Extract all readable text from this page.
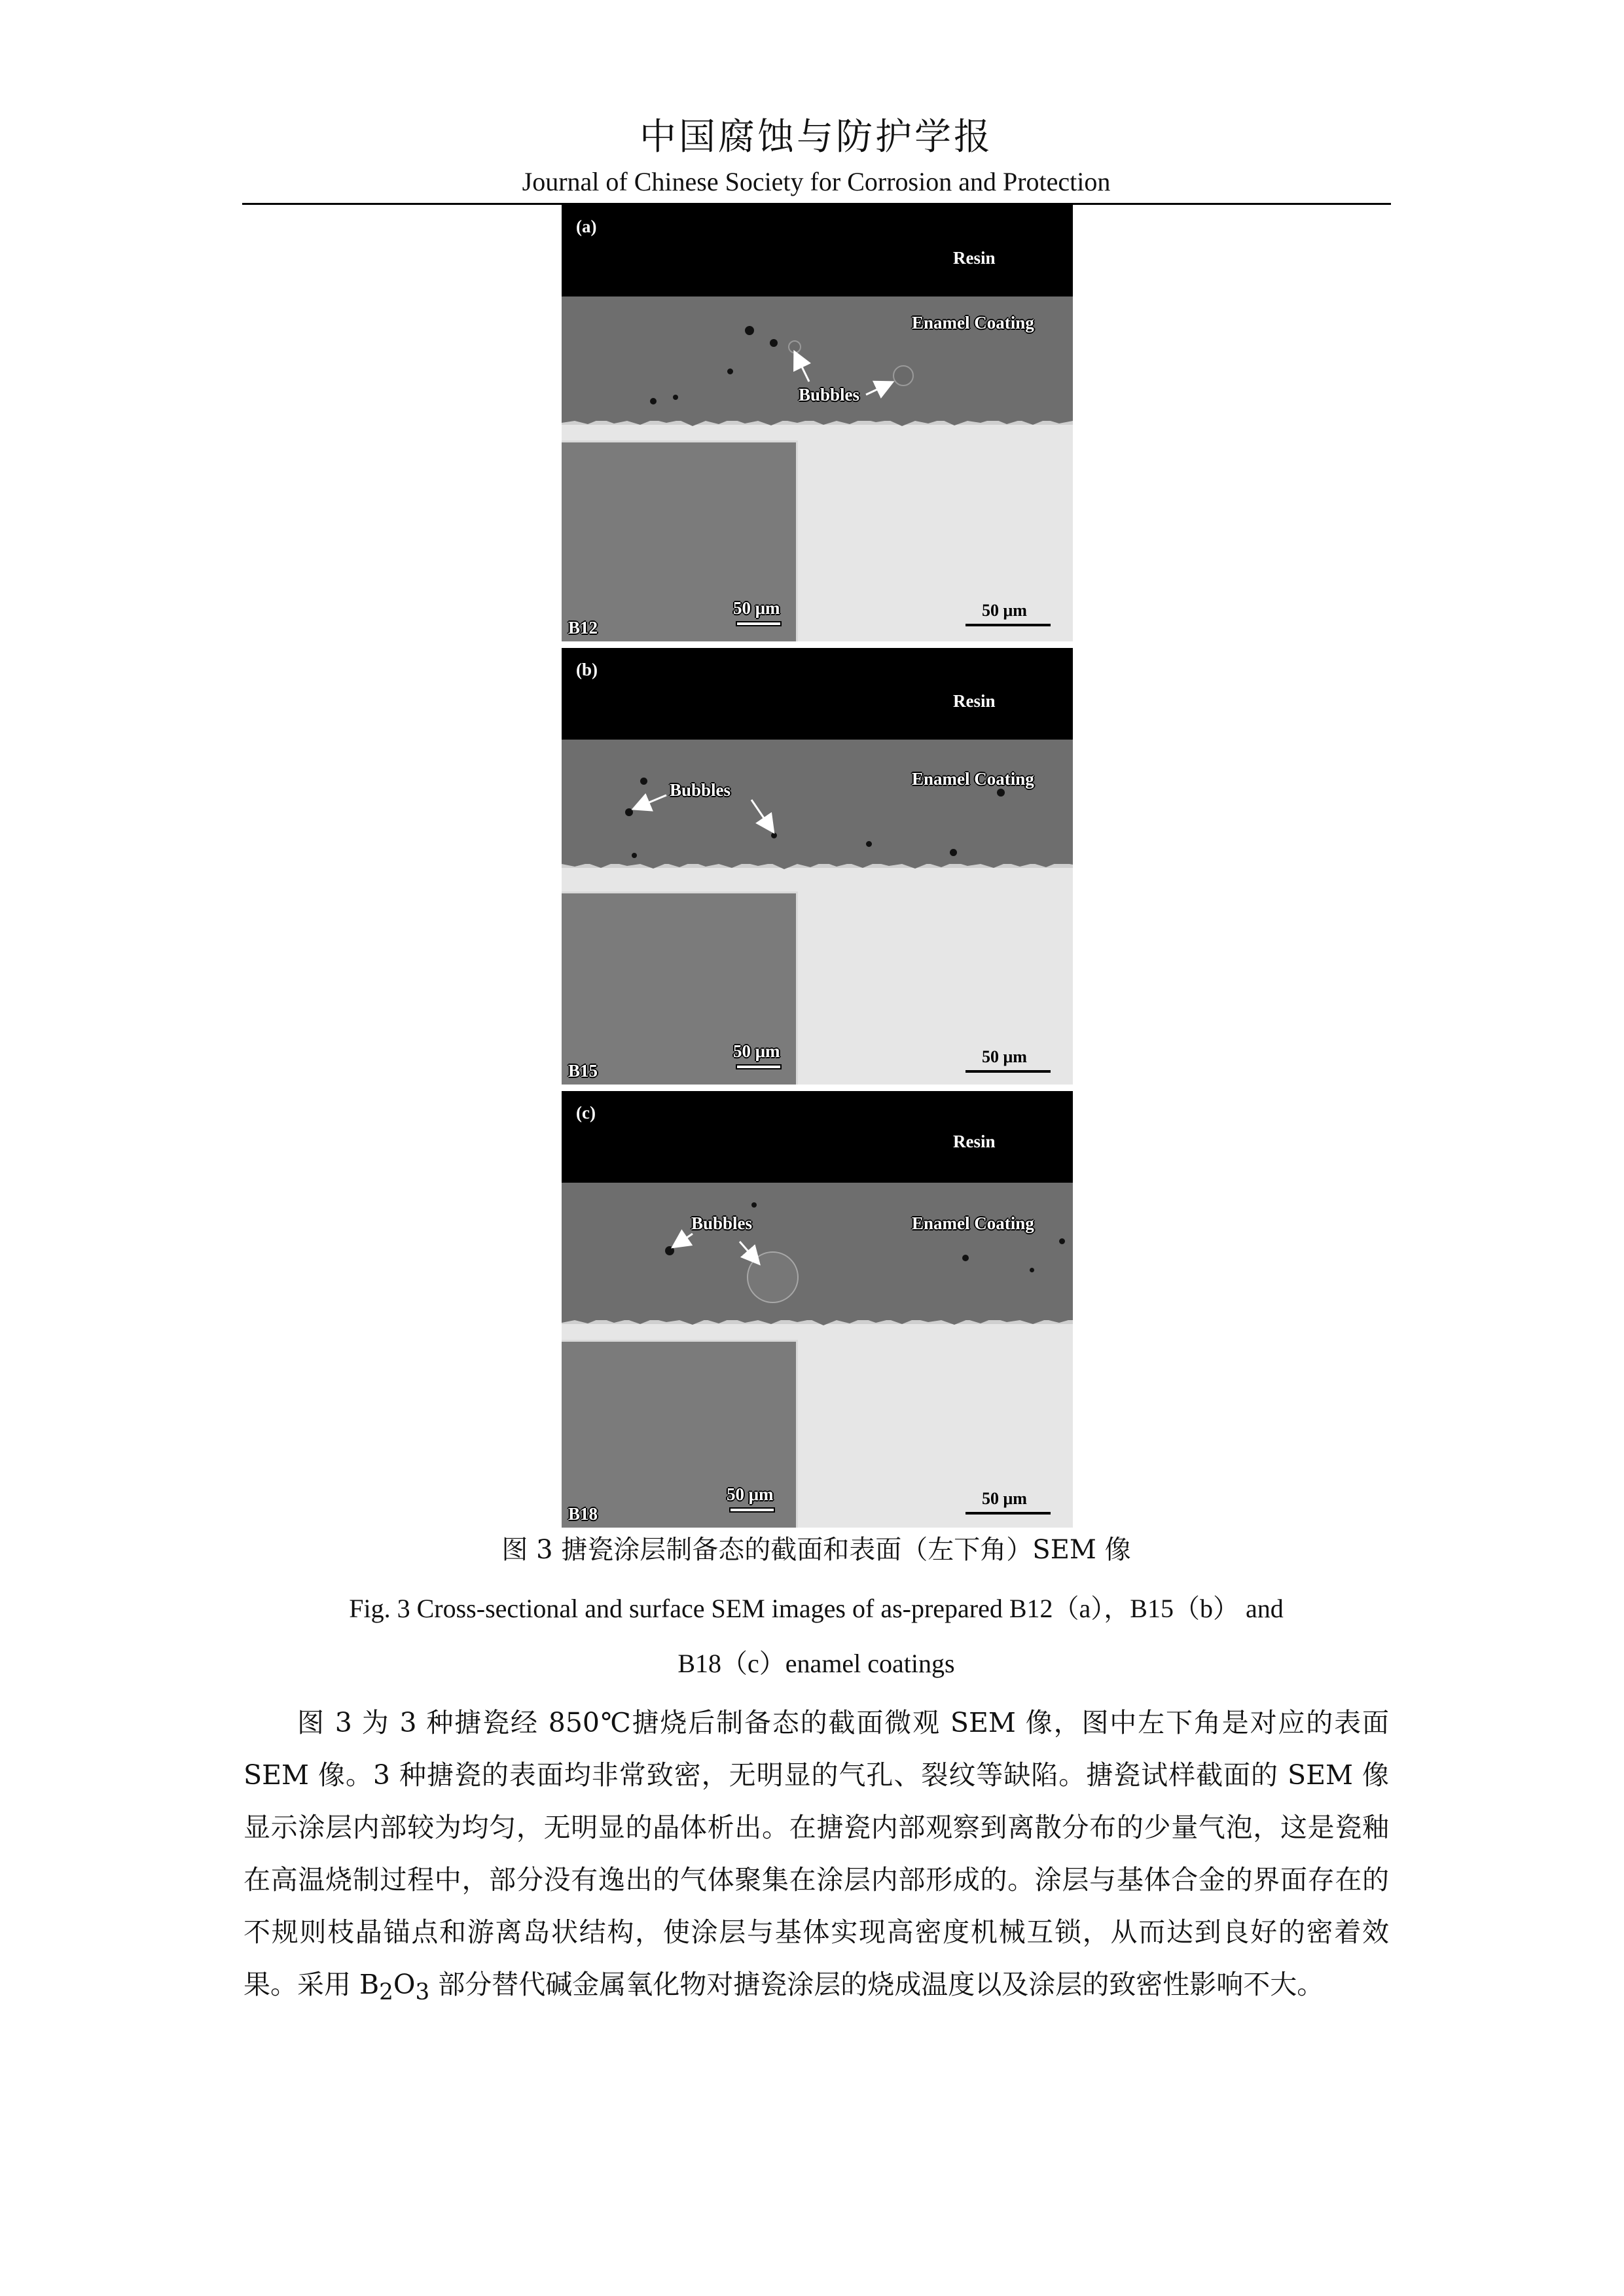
中国腐蚀与防护学报
Journal of Chinese Society for Corrosion and Protection
(a)
Resin
Enamel Coating
Bubbles
B12
50 μm	50 μm
(b)
Resin
Enamel Coating
Bubbles
B15
50 μm	50 μm
(c)
Resin
Enamel Coating
Bubbles
B18
50 μm	50 μm
图 3 搪瓷涂层制备态的截面和表面（左下角）SEM 像
Fig. 3 Cross-sectional and surface SEM images of as-prepared B12（a），B15（b） and
B18（c）enamel coatings

图 3 为 3 种搪瓷经 850℃搪烧后制备态的截面微观 SEM 像，图中左下角是对应的表面 SEM 像。3 种搪瓷的表面均非常致密，无明显的气孔、裂纹等缺陷。搪瓷试样截面的 SEM 像显示涂层内部较为均匀，无明显的晶体析出。在搪瓷内部观察到离散分布的少量气泡，这是瓷釉在高温烧制过程中，部分没有逸出的气体聚集在涂层内部形成的。涂层与基体合金的界面存在的不规则枝晶锚点和游离岛状结构，使涂层与基体实现高密度机械互锁，从而达到良好的密着效果。采用 $B_2O_3$ 部分替代碱金属氧化物对搪瓷涂层的烧成温度以及涂层的致密性影响不大。
